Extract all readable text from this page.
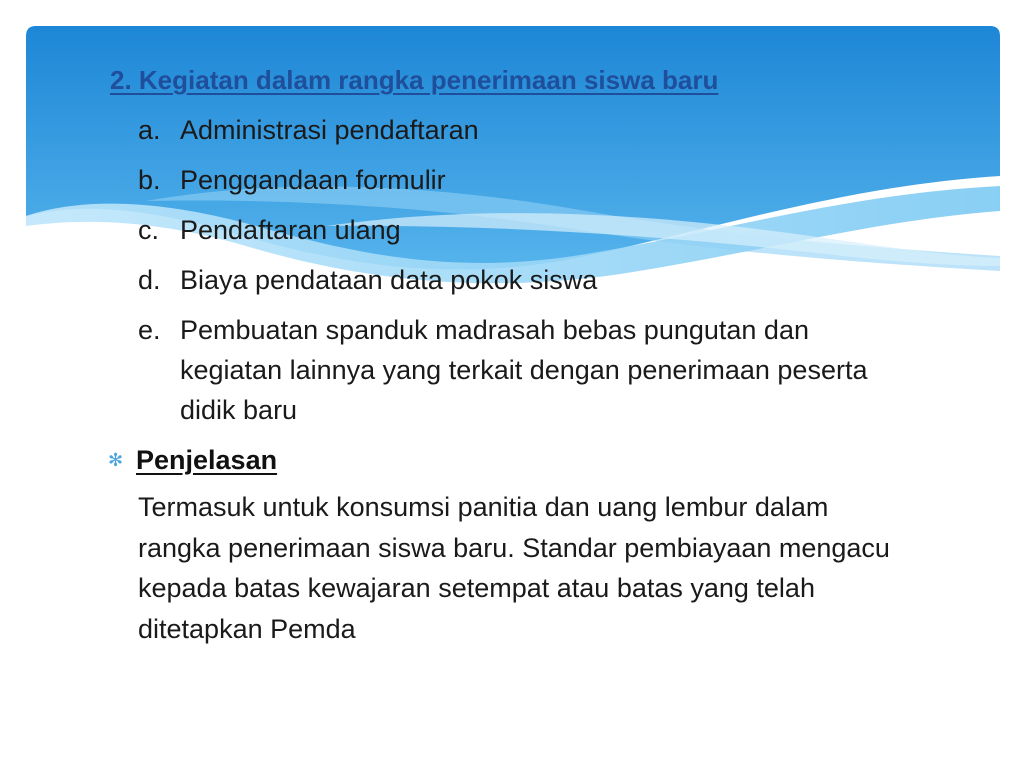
2. Kegiatan dalam rangka penerimaan siswa baru
a. Administrasi pendaftaran
b. Penggandaan formulir
c. Pendaftaran ulang
d. Biaya pendataan data pokok siswa
e. Pembuatan spanduk madrasah bebas pungutan dan kegiatan lainnya yang terkait dengan penerimaan peserta didik baru
✻ Penjelasan
Termasuk untuk konsumsi panitia dan uang lembur dalam rangka penerimaan siswa baru. Standar pembiayaan mengacu kepada batas kewajaran setempat atau batas yang telah ditetapkan Pemda
